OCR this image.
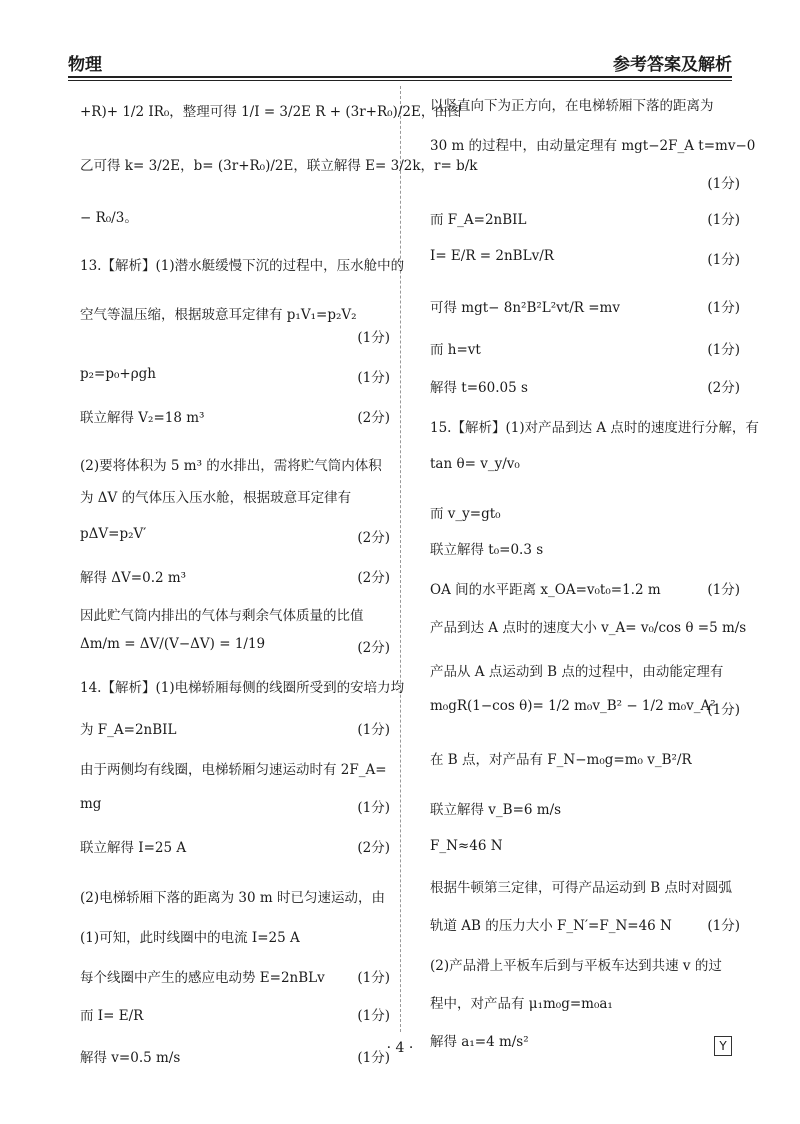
物理	参考答案及解析
+R)+ 1/2 IR₀，整理可得 1/I = 3/2E R + (3r+R₀)/2E，由图
乙可得 k= 3/2E，b= (3r+R₀)/2E，联立解得 E= 3/2k，r= b/k
− R₀/3。
13.【解析】(1)潜水艇缓慢下沉的过程中，压水舱中的
空气等温压缩，根据玻意耳定律有 p₁V₁=p₂V₂
(1分)
p₂=p₀+ρgh	(1分)
联立解得 V₂=18 m³	(2分)
(2)要将体积为 5 m³ 的水排出，需将贮气筒内体积
为 ΔV 的气体压入压水舱，根据玻意耳定律有
pΔV=p₂V′	(2分)
解得 ΔV=0.2 m³	(2分)
因此贮气筒内排出的气体与剩余气体质量的比值
Δm/m = ΔV/(V−ΔV) = 1/19	(2分)
14.【解析】(1)电梯轿厢每侧的线圈所受到的安培力均
为 F_A=2nBIL	(1分)
由于两侧均有线圈，电梯轿厢匀速运动时有 2F_A=
mg	(1分)
联立解得 I=25 A	(2分)
(2)电梯轿厢下落的距离为 30 m 时已匀速运动，由
(1)可知，此时线圈中的电流 I=25 A
每个线圈中产生的感应电动势 E=2nBLv (1分)
而 I= E/R	(1分)
解得 v=0.5 m/s	(1分)
以竖直向下为正方向，在电梯轿厢下落的距离为
30 m 的过程中，由动量定理有 mgt−2F_A t=mv−0
(1分)
而 F_A=2nBIL	(1分)
I= E/R = 2nBLv/R	(1分)
可得 mgt− 8n²B²L²vt/R =mv	(1分)
而 h=vt	(1分)
解得 t=60.05 s	(2分)
15.【解析】(1)对产品到达 A 点时的速度进行分解，有
tan θ= v_y/v₀
而 v_y=gt₀
联立解得 t₀=0.3 s
OA 间的水平距离 x_OA=v₀t₀=1.2 m	(1分)
产品到达 A 点时的速度大小 v_A= v₀/cos θ =5 m/s
产品从 A 点运动到 B 点的过程中，由动能定理有
m₀gR(1−cos θ)= 1/2 m₀v_B² − 1/2 m₀v_A²
(1分)
在 B 点，对产品有 F_N−m₀g=m₀ v_B²/R
联立解得 v_B=6 m/s
F_N≈46 N
根据牛顿第三定律，可得产品运动到 B 点时对圆弧
轨道 AB 的压力大小 F_N′=F_N=46 N	(1分)
(2)产品滑上平板车后到与平板车达到共速 v 的过
程中，对产品有 μ₁m₀g=m₀a₁
解得 a₁=4 m/s²
· 4 ·	Y
